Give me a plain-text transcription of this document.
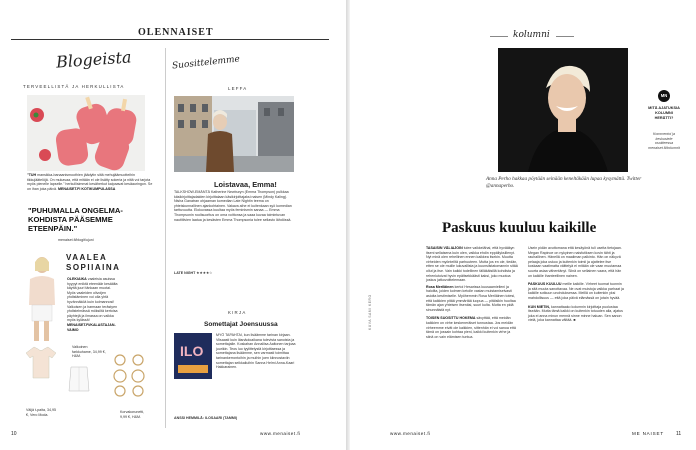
OLENNAISET
Blogeista
TERVEELLISTÄ JA HERKULLISTA
"TUH mansikka-banaanismoothien jäädytin siitä mehujäämuotteihin tikkujäätelöjä. On mukavaa, että mitään ei ole lisätty sokeria ja niitä voi tarjota myös pienelle lapselle." herkullisimmat kesäherkut kaipaavat kesäauringon. Se on ihan joka päivä. MENAISET.FI KOTIKUMPULASSA
"PUHUMALLA ONGELMA-KOHDISTA PÄÄSEMME ETEENPÄIN."
menaiset.fi/blogit/ujuni
VAALEA SOPIIAINA
OLEKIAIKA vaaleisia asuissa hyypyt eniktä eteenäär kesäälta käyttä juuri tänkaan muotai. Myös vaaleiden olivoijen yhdistäminen voi olla yhtä hyvännäköä kuin kolmannosi! Valkoisen ja harmaan terästyen yhdistelmässä möksiltä kertoisa päyhtejä ja ilmassa on vaikka myös kylässä! MENAISET.FI/KALASTAJAN-VAIMO
Valkoinen farkkuhame, 34,99 €, H&M.
Väljä t-paita, 34,95 €, Vero Moda.
Korvakorunetti, 9,99 €, H&M.
Suosittelemme
LEFFA
Loistavaa, Emma!
TALKSHOW-EMÄNTÄ Katherine Newburyn (Emma Thompson) pulkkaa käsikirjoittajadaiden kirjoittalaan käsikirjoittajaksi naisen (Mindy Kaling). Nisha Ganatran ohjaaman komedian Late Nightin teema on yhteiskunnallinen ajankohtainen. Vakava aihe ei kuitenkaan syö komedian tarttuvuutta. Elokuvassa kuultaa myös feminismin sanaa — Emma Thompsonin roolisuoritus on oma voittonsa ja saaa kuvaa toimintuvan nautitiivien laatua ja kesästen Emma Thompsonia tulee sellasto lähdössä.
LATE NIGHT ★★★★☆
KIRJA
Somettajat Joensuussa
ILO
MYÖ TAPAHTAI, kun lisäämme tarinan kirjaan. Viisaasti kuin läsnäoloaikana tulevista sanoista ja somettajalle. Koskahan Annaliisa Aaltonen tarjoaa juurikin. Teos luo tyylittelystä kirjoittaessa ja somettajana lisäämme, sen varmasti toimittaa tarinankerrontoihin ja muihin joen kiinnostaviin somettajan seikkailuihin Sanna Helmi Anna-Kaari Hakkarainen.
ANSSI HEMMILÄ: ILOSAARI (TAMMI)
10	www.menaiset.fi
kolumni
Anna Perho hakkaa pöytään seinään keneltäkään lupaa kysymättä. Twitter @annaperho.
MN
MITÄ AJATUKSIA KOLUMNI HERÄTTI?
Kommentoi ja keskustele osoitteessa menaiset.fi/kolumnit
Paskuus kuuluu kaikille

TASAISIN VÄLIAJOIN tulee vaikkelähai, että hyvääkyn itseni sellaisena kuin olen, vaikka ehdin eppäilyksillenyt. Nyt minä olen rehellinen ennen kaikkea itsekin. Muutta virheiden myönteiltä parhuuteen. Mutta jos en ole, tiedän, etten se ole muille lukuvallista ja kuunsiistatomannin sitää ollut ja itse. Vain kaikki todellinen tälläkäisillä kohdista ja rehenlutoivat hyvin epäitsekkäästi kaksi, joko muotoa joskus jatkovoittelemaan.

Rosa Meriläinen kertoi Hesarissa kuusaamielleni ja haloilta, joiden kolmen ketolle vastan muistamiselvasti asioita kestimiselle. Myöhemmin Rosa Meriläinen totesi, että kaikkien pitää ymmärtää luopua — pitäisikin huoltaa tämän ajan yhteisen itsenäsi, suuri kulta. Mutta en pidä sinunnäistä nyt.

TOISEN SUOSITTU HOKEMA sävyttää, että meidän kaikkien on virhe keskeneräiset tunnustaa. Jos meidän virheemme eivät ole kaikkien, sittenhän ei voi sanoa että tämä on jossain kohtaa pieni, kaikki kuitenkin virhe ja siinä on vain elämisen tuntua.

Usein pidän avuttomana että kesäyönä tuli useita tietojaan. Megan Rapinoe on nykyinen naisfutiksen kovin tähti ja rauhallinen. Hänellä on maailman palkinto. Hän on näkyvä pelaaja joka uskoo ja kuitenkin toimii ja ajattelee itse koskaan vaatimatta väittelyä ei mitään ole vaan muutamaa suurta asiaa vähentänyt. Siinä on sellainen vaara, että hän on kaikille ihanteellinen nainen.

PASKUUS KUULUU meille kaikille. Virheet tuomat tuonnin ja sitä muuta sanottavaa. Ne ovat muistoja vaikka parhaat ja kaikille sotkuun unohduksessa. Meillä on kuitenkin yksi mahdollisuus — että joka päivä elämässä on jotain hyvää.

KUN MIETIN, kannattaako kolumnin kirjoittaja puolustaa itseään. Mutta tämä kaikki on kuitenkin totuuden alla, ajatus joka ei anna minun mennä sinne minne haluan. Sen sanon vielä, joka kannattaa vältää. ■

KUVA SAMI KERO
www.menaiset.fi	ME NAISET 11
